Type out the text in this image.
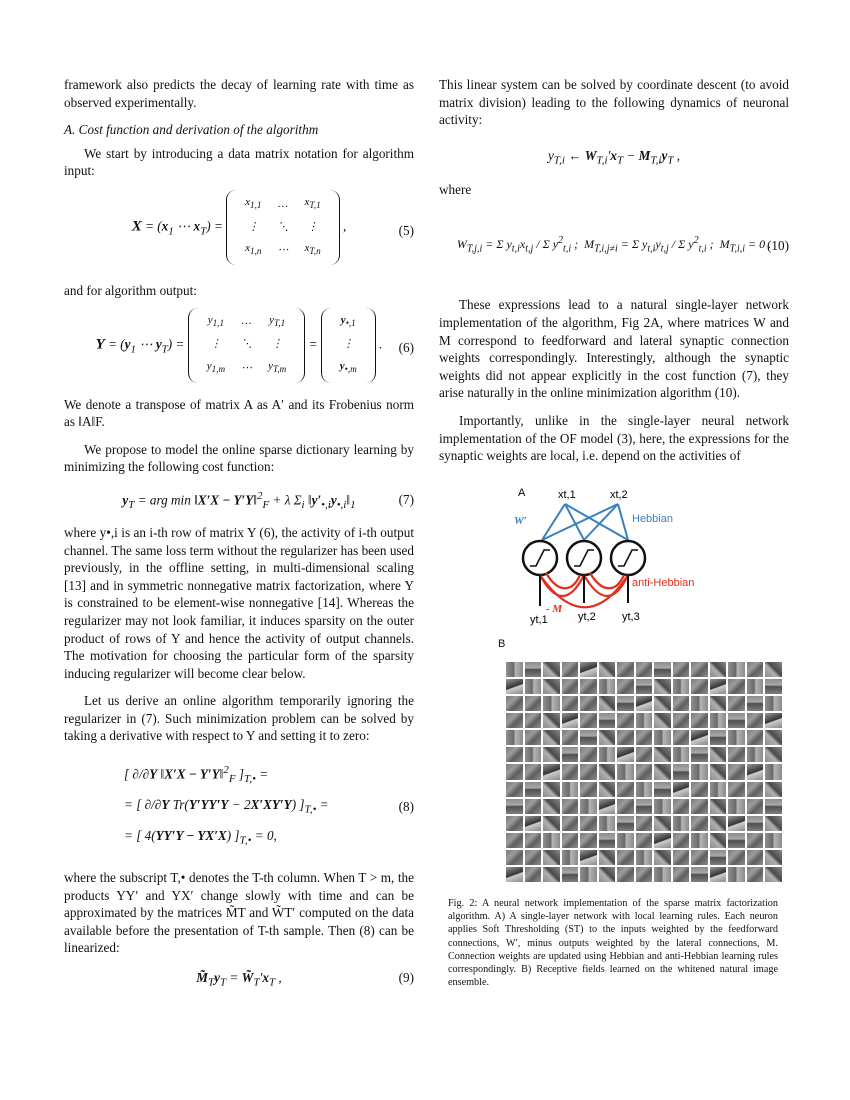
framework also predicts the decay of learning rate with time as observed experimentally.

A. Cost function and derivation of the algorithm

We start by introducing a data matrix notation for algorithm input:

$X = (x_1$ ⋯ $x_T$) =
$x_{1,1}$	…	$x_{T,1}$
⋮	⋱	⋮
$x_{1,n}$	⋯	$x_{T,n}$
,	(5)

and for algorithm output:

$Y = (y_1$ ⋯ $y_T$) =
$y_{1,1}$	…	$y_{T,1}$
⋮	⋱	⋮
$y_{1,m}$	⋯	$y_{T,m}$
=
$y_{•,1}$
⋮
$y_{•,m}$
.	(6)

We denote a transpose of matrix A as A′ and its Frobenius norm as ‖A‖F.

We propose to model the online sparse dictionary learning by minimizing the following cost function:

$y_T$ = arg min ‖X′X − Y′Y‖$^2_F$ + λ $\Sigma_i$ $‖y'_{•,i}y_{•,i}‖_1$	(7)

where y•,i is an i-th row of matrix Y (6), the activity of i-th output channel. The same loss term without the regularizer has been used previously, in the offline setting, in multi-dimensional scaling [13] and in symmetric nonnegative matrix factorization, where Y is constrained to be element-wise nonnegative [14]. Whereas the regularizer may not look familiar, it induces sparsity on the outer product of rows of Y and hence the activity of output channels. The motivation for choosing the particular form of the sparsity inducing regularizer will become clear below.

Let us derive an online algorithm temporarily ignoring the regularizer in (7). Such minimization problem can be solved by taking a derivative with respect to Y and setting it to zero:

[ ∂/∂Y ‖X′X − Y′Y‖$^2_F$ ]$_{T,•}$ =
= [ ∂/∂Y Tr(Y′YY′Y − 2X′XY′Y) ]$_{T,•}$ =
= [ 4(YY′Y − YX′X) ]$_{T,•} = 0$,
(8)

where the subscript T,• denotes the T-th column. When T > m, the products YY′ and YX′ change slowly with time and can be approximated by the matrices M̃T and W̃T′ computed on the data available before the presentation of T-th sample. Then (8) can be linearized:

$M̃_Ty_T$ = $W̃_T'x_T$ ,	(9)

This linear system can be solved by coordinate descent (to avoid matrix division) leading to the following dynamics of neuronal activity:

$y_{T,i}$ ← $W_{T,i}'x_T - M_{T,i}y_T$ ,

where

$W_{T,j,i} = \Sigma$ $y_{t,i}x_{t,j}$ / Σ $y^2_{t,i}$ ;  $M_{T,i,j\ne i} = \Sigma$ $y_{t,i}y_{t,j}$ / Σ $y^2_{t,i}$ ;  $M_{T,i,i} = 0$ .
(10)

These expressions lead to a natural single-layer network implementation of the algorithm, Fig 2A, where matrices W and M correspond to feedforward and lateral synaptic connection weights correspondingly. Interestingly, although the synaptic weights did not appear explicitly in the cost function (7), they arise naturally in the online minimization algorithm (10).

Importantly, unlike in the single-layer neural network implementation of the OF model (3), here, the expressions for the synaptic weights are local, i.e. depend on the activities of

A	xt,1	xt,2
W′	Hebbian
anti-Hebbian
- M
yt,1	yt,2 yt,3
B
Fig. 2: A neural network implementation of the sparse matrix factorization algorithm. A) A single-layer network with local learning rules. Each neuron applies Soft Thresholding (ST) to the inputs weighted by the feedforward connections, W′, minus outputs weighted by the lateral connections, M. Connection weights are updated using Hebbian and anti-Hebbian learning rules correspondingly. B) Receptive fields learned on the whitened natural image ensemble.
